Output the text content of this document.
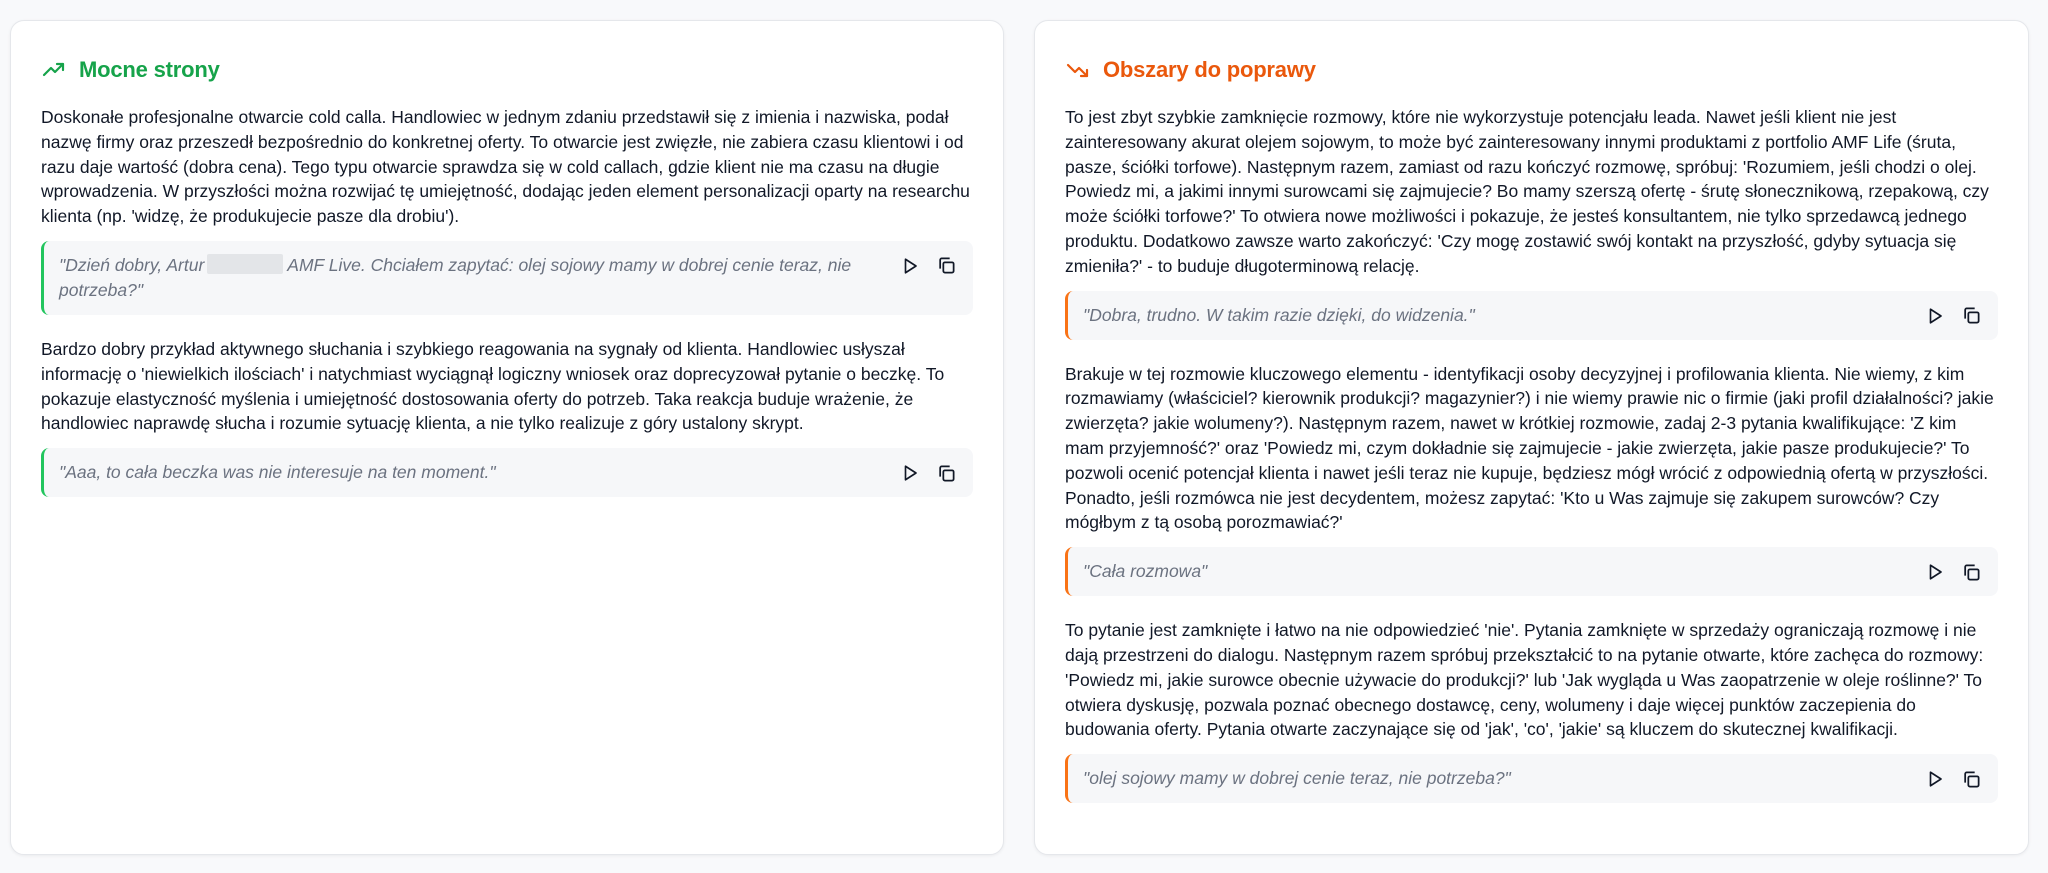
Mocne strony

Doskonałe profesjonalne otwarcie cold calla. Handlowiec w jednym zdaniu przedstawił się z imienia i nazwiska, podał nazwę firmy oraz przeszedł bezpośrednio do konkretnej oferty. To otwarcie jest zwięzłe, nie zabiera czasu klientowi i od razu daje wartość (dobra cena). Tego typu otwarcie sprawdza się w cold callach, gdzie klient nie ma czasu na długie wprowadzenia. W przyszłości można rozwijać tę umiejętność, dodając jeden element personalizacji oparty na researchu klienta (np. 'widzę, że produkujecie pasze dla drobiu').

"Dzień dobry, Artur	AMF Live. Chciałem zapytać: olej sojowy mamy w dobrej cenie teraz, nie potrzeba?"

Bardzo dobry przykład aktywnego słuchania i szybkiego reagowania na sygnały od klienta. Handlowiec usłyszał informację o 'niewielkich ilościach' i natychmiast wyciągnął logiczny wniosek oraz doprecyzował pytanie o beczkę. To pokazuje elastyczność myślenia i umiejętność dostosowania oferty do potrzeb. Taka reakcja buduje wrażenie, że handlowiec naprawdę słucha i rozumie sytuację klienta, a nie tylko realizuje z góry ustalony skrypt.

"Aaa, to cała beczka was nie interesuje na ten moment."
Obszary do poprawy

To jest zbyt szybkie zamknięcie rozmowy, które nie wykorzystuje potencjału leada. Nawet jeśli klient nie jest zainteresowany akurat olejem sojowym, to może być zainteresowany innymi produktami z portfolio AMF Life (śruta, pasze, ściółki torfowe). Następnym razem, zamiast od razu kończyć rozmowę, spróbuj: 'Rozumiem, jeśli chodzi o olej. Powiedz mi, a jakimi innymi surowcami się zajmujecie? Bo mamy szerszą ofertę - śrutę słonecznikową, rzepakową, czy może ściółki torfowe?' To otwiera nowe możliwości i pokazuje, że jesteś konsultantem, nie tylko sprzedawcą jednego produktu. Dodatkowo zawsze warto zakończyć: 'Czy mogę zostawić swój kontakt na przyszłość, gdyby sytuacja się zmieniła?' - to buduje długoterminową relację.

"Dobra, trudno. W takim razie dzięki, do widzenia."

Brakuje w tej rozmowie kluczowego elementu - identyfikacji osoby decyzyjnej i profilowania klienta. Nie wiemy, z kim rozmawiamy (właściciel? kierownik produkcji? magazynier?) i nie wiemy prawie nic o firmie (jaki profil działalności? jakie zwierzęta? jakie wolumeny?). Następnym razem, nawet w krótkiej rozmowie, zadaj 2-3 pytania kwalifikujące: 'Z kim mam przyjemność?' oraz 'Powiedz mi, czym dokładnie się zajmujecie - jakie zwierzęta, jakie pasze produkujecie?' To pozwoli ocenić potencjał klienta i nawet jeśli teraz nie kupuje, będziesz mógł wrócić z odpowiednią ofertą w przyszłości. Ponadto, jeśli rozmówca nie jest decydentem, możesz zapytać: 'Kto u Was zajmuje się zakupem surowców? Czy mógłbym z tą osobą porozmawiać?'

"Cała rozmowa"

To pytanie jest zamknięte i łatwo na nie odpowiedzieć 'nie'. Pytania zamknięte w sprzedaży ograniczają rozmowę i nie dają przestrzeni do dialogu. Następnym razem spróbuj przekształcić to na pytanie otwarte, które zachęca do rozmowy: 'Powiedz mi, jakie surowce obecnie używacie do produkcji?' lub 'Jak wygląda u Was zaopatrzenie w oleje roślinne?' To otwiera dyskusję, pozwala poznać obecnego dostawcę, ceny, wolumeny i daje więcej punktów zaczepienia do budowania oferty. Pytania otwarte zaczynające się od 'jak', 'co', 'jakie' są kluczem do skutecznej kwalifikacji.

"olej sojowy mamy w dobrej cenie teraz, nie potrzeba?"
